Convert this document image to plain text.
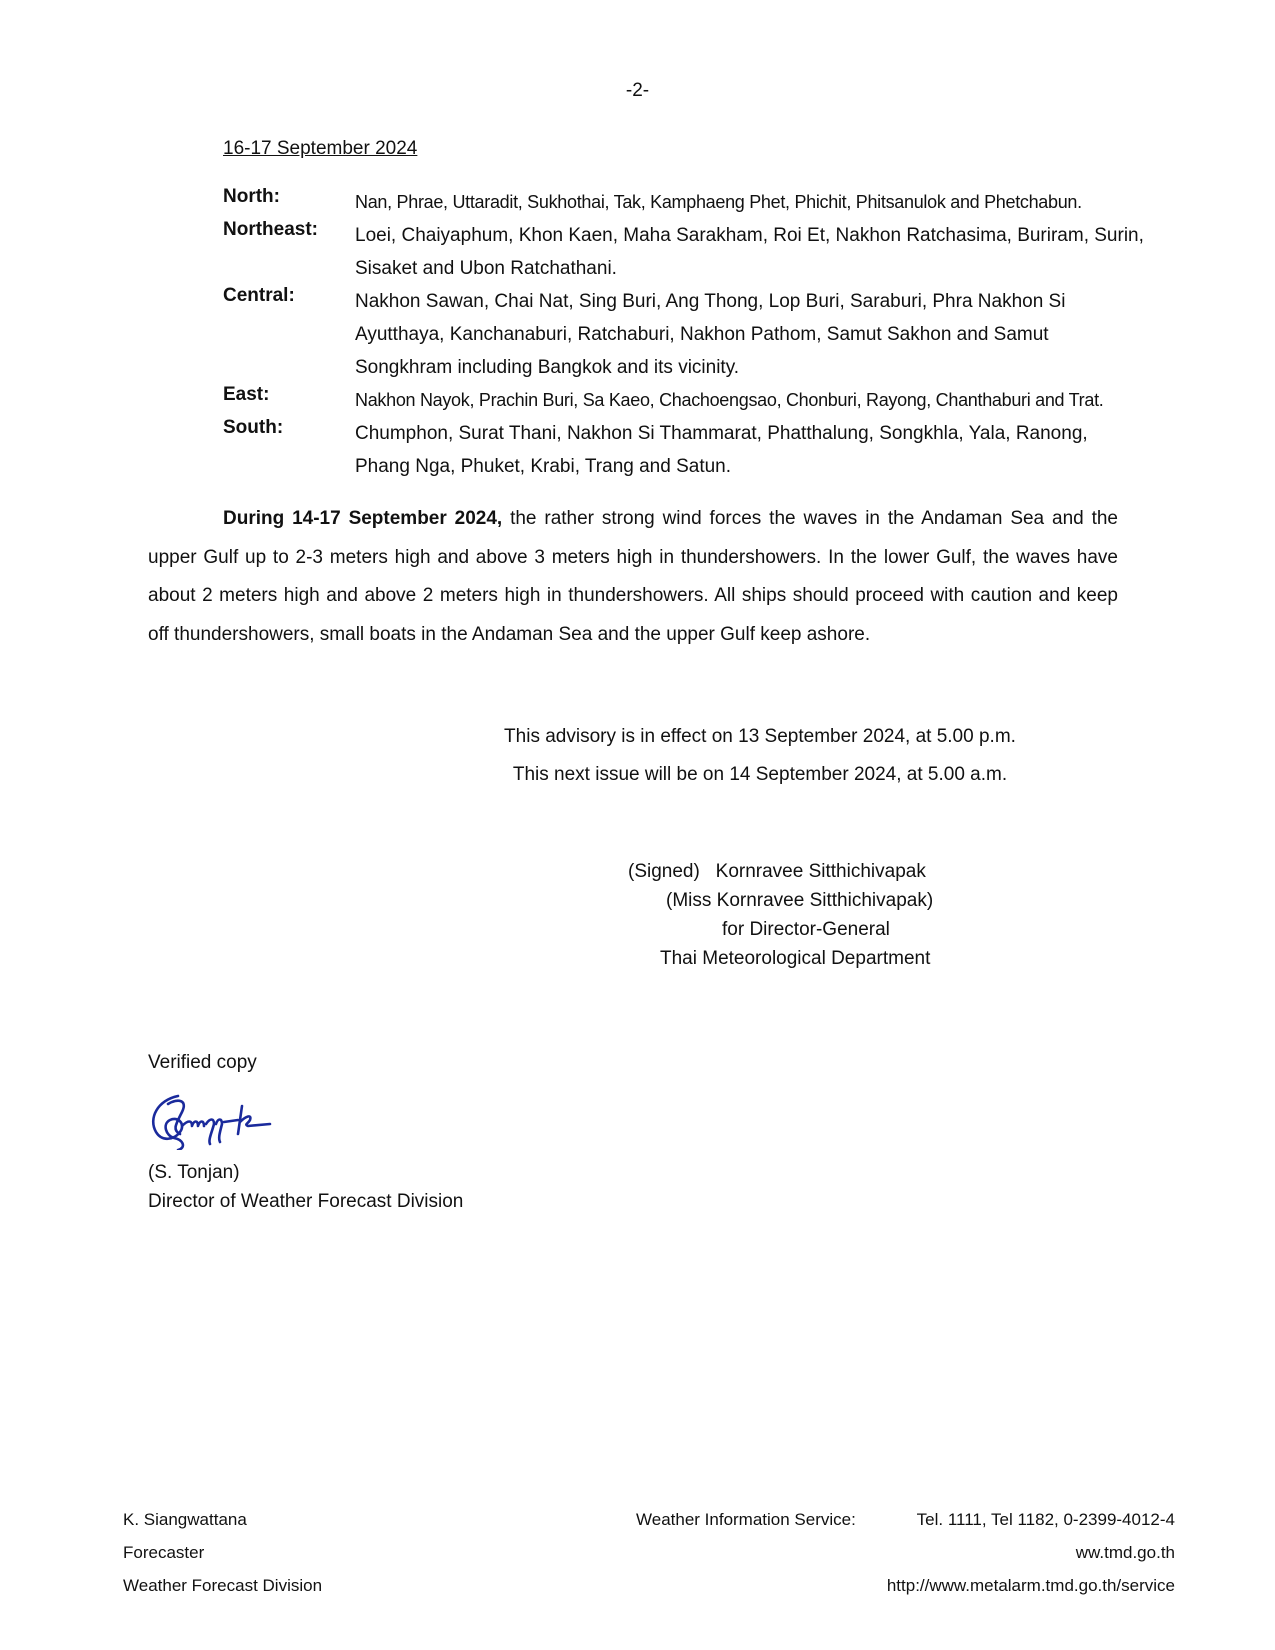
-2-
16-17 September 2024
North:	Nan, Phrae, Uttaradit, Sukhothai, Tak, Kamphaeng Phet, Phichit, Phitsanulok and Phetchabun.
Northeast:	Loei, Chaiyaphum, Khon Kaen, Maha Sarakham, Roi Et, Nakhon Ratchasima, Buriram, Surin, Sisaket and Ubon Ratchathani.
Central:	Nakhon Sawan, Chai Nat, Sing Buri, Ang Thong, Lop Buri, Saraburi, Phra Nakhon Si Ayutthaya, Kanchanaburi, Ratchaburi, Nakhon Pathom, Samut Sakhon and Samut Songkhram including Bangkok and its vicinity.
East:	Nakhon Nayok, Prachin Buri, Sa Kaeo, Chachoengsao, Chonburi, Rayong, Chanthaburi and Trat.
South:	Chumphon, Surat Thani, Nakhon Si Thammarat, Phatthalung, Songkhla, Yala, Ranong, Phang Nga, Phuket, Krabi, Trang and Satun.
During 14-17 September 2024, the rather strong wind forces the waves in the Andaman Sea and the upper Gulf up to 2-3 meters high and above 3 meters high in thundershowers. In the lower Gulf, the waves have about 2 meters high and above 2 meters high in thundershowers. All ships should proceed with caution and keep off thundershowers, small boats in the Andaman Sea and the upper Gulf keep ashore.
This advisory is in effect on 13 September 2024, at 5.00 p.m.
This next issue will be on 14 September 2024, at 5.00 a.m.
(Signed)   Kornravee Sitthichivapak
(Miss Kornravee Sitthichivapak)
for Director-General
Thai Meteorological Department
Verified copy
(S. Tonjan)
Director of Weather Forecast Division
K. Siangwattana
Forecaster
Weather Forecast Division
Weather Information Service:	Tel. 1111, Tel 1182, 0-2399-4012-4
ww.tmd.go.th
http://www.metalarm.tmd.go.th/service
